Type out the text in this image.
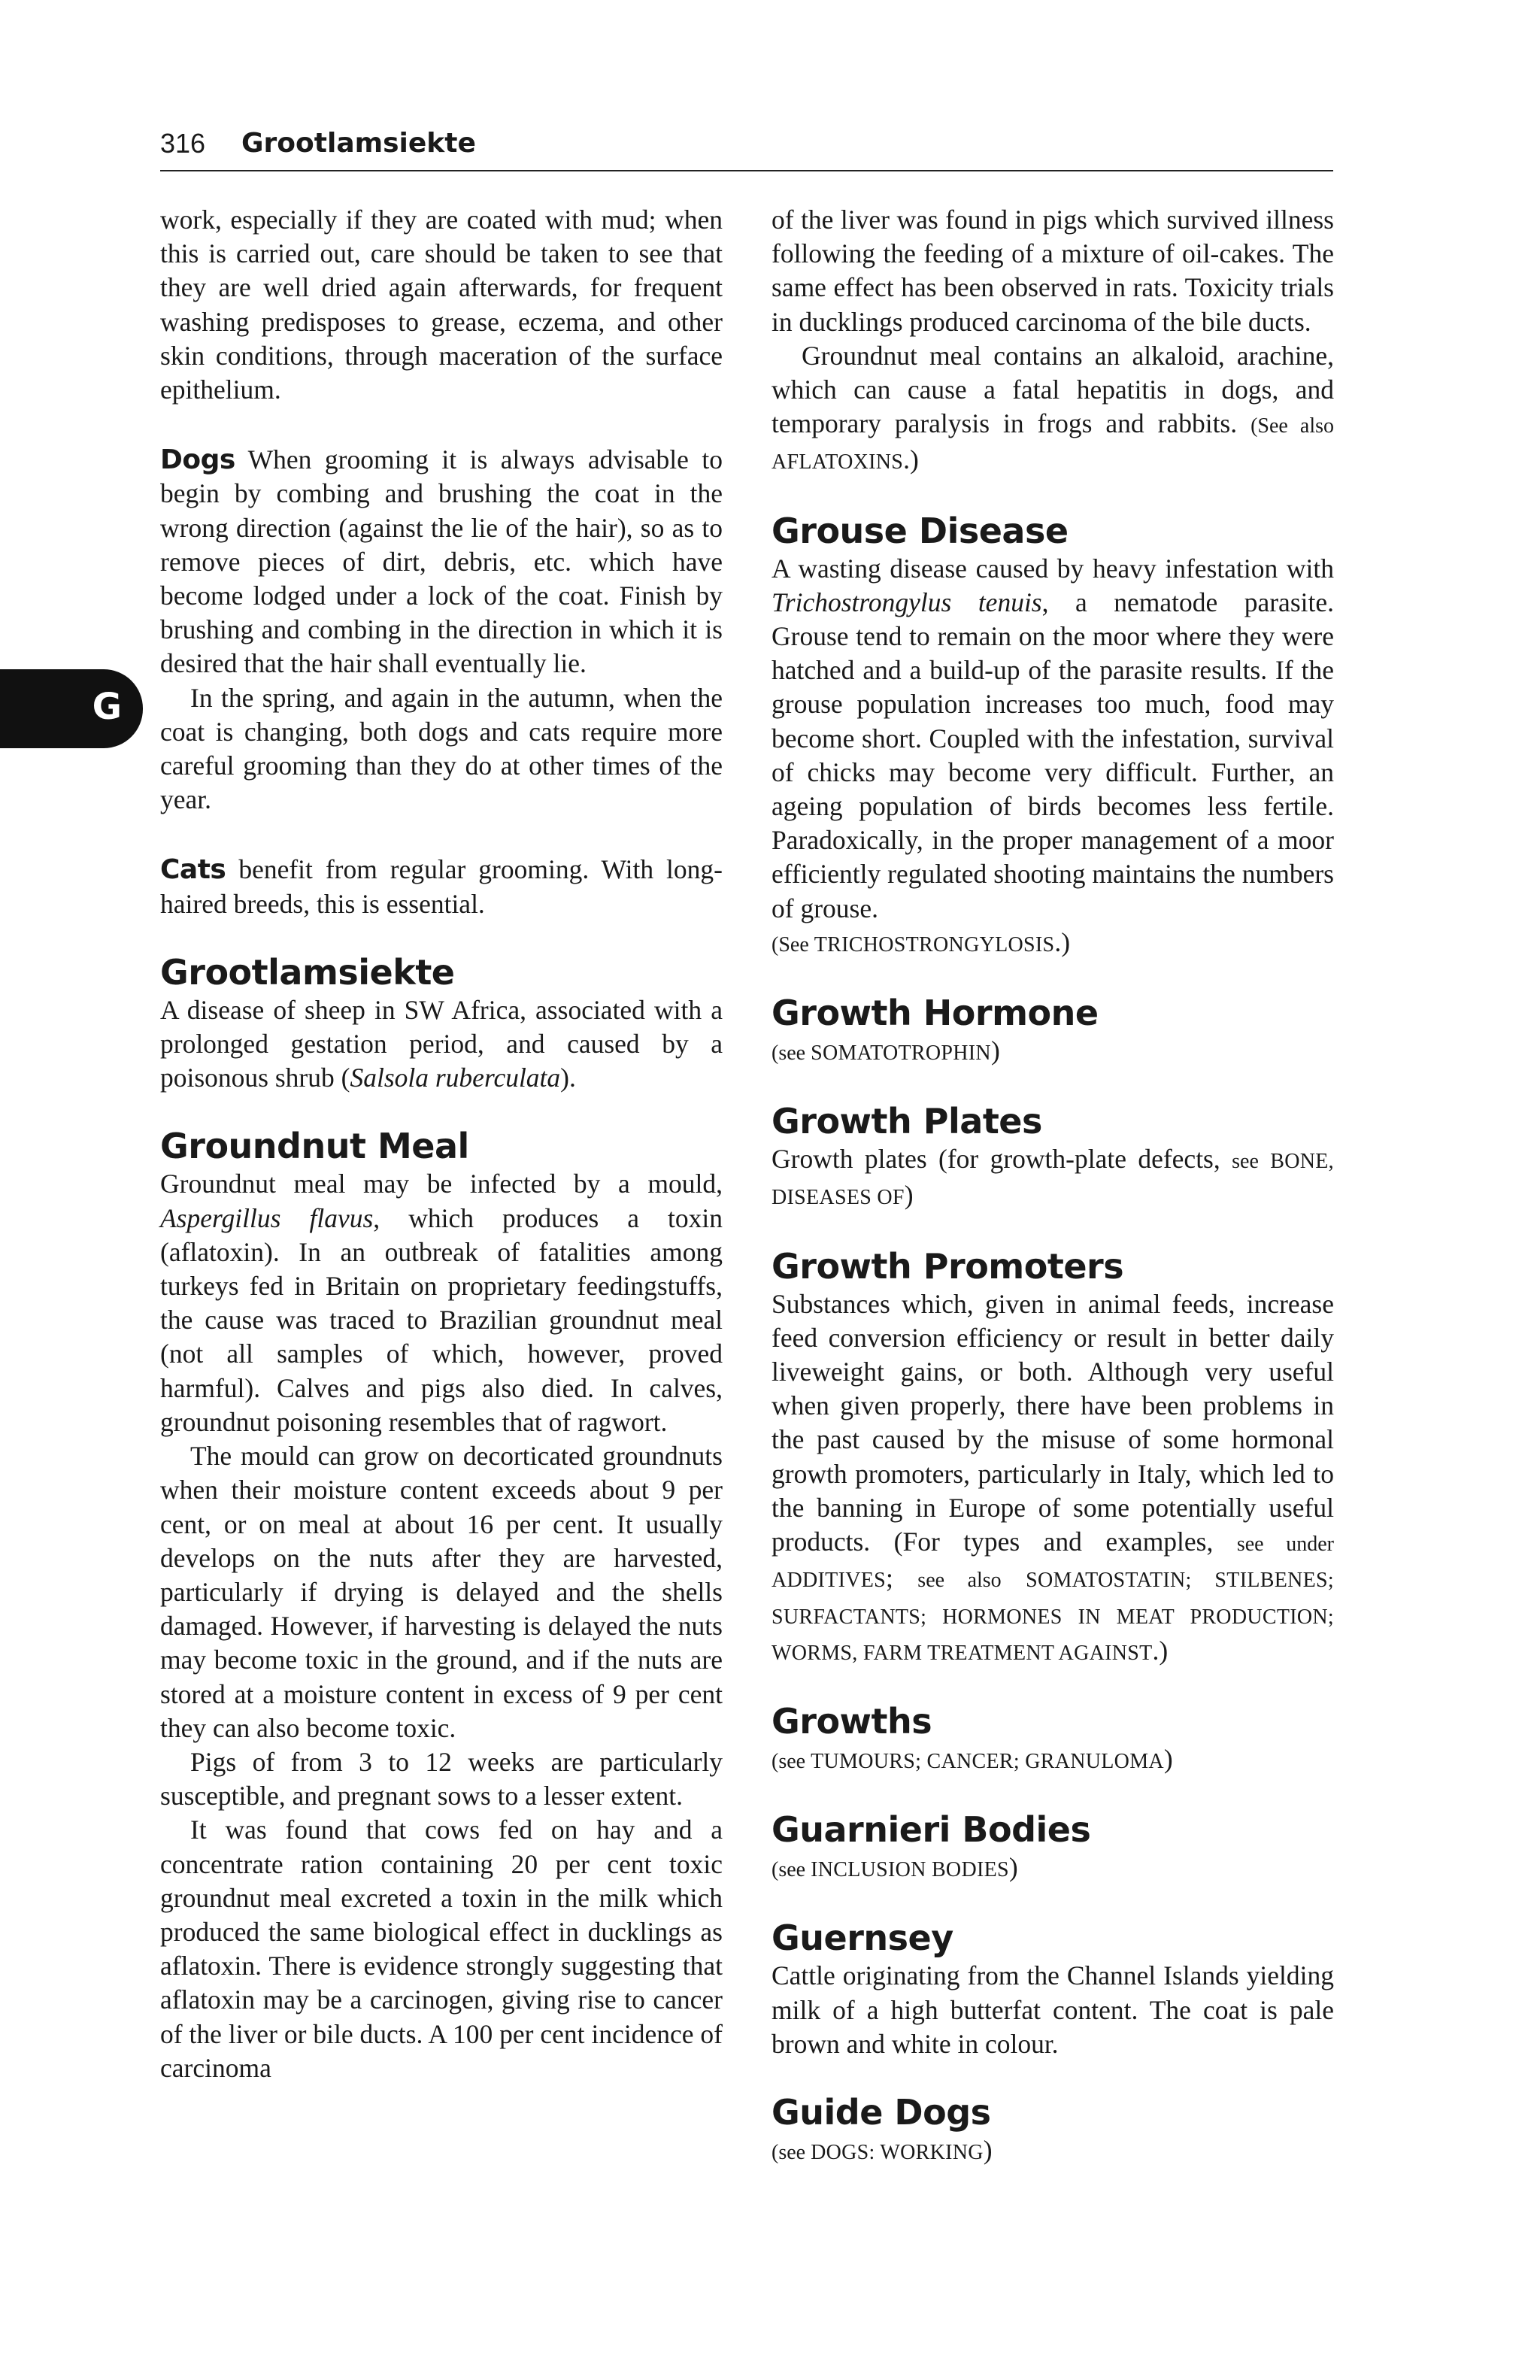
316 Grootlamsiekte
G

work, especially if they are coated with mud; when this is carried out, care should be taken to see that they are well dried again afterwards, for frequent washing predisposes to grease, eczema, and other skin conditions, through maceration of the surface epithelium.

Dogs When grooming it is always advisable to begin by combing and brushing the coat in the wrong direction (against the lie of the hair), so as to remove pieces of dirt, debris, etc. which have become lodged under a lock of the coat. Finish by brushing and combing in the direction in which it is desired that the hair shall eventually lie.

In the spring, and again in the autumn, when the coat is changing, both dogs and cats require more careful grooming than they do at other times of the year.

Cats benefit from regular grooming. With long-haired breeds, this is essential.

Grootlamsiekte

A disease of sheep in SW Africa, associated with a prolonged gestation period, and caused by a poisonous shrub (Salsola ruberculata).

Groundnut Meal

Groundnut meal may be infected by a mould, Aspergillus flavus, which produces a toxin (aflatoxin). In an outbreak of fatalities among turkeys fed in Britain on proprietary feedingstuffs, the cause was traced to Brazilian groundnut meal (not all samples of which, however, proved harmful). Calves and pigs also died. In calves, groundnut poisoning resembles that of ragwort.

The mould can grow on decorticated groundnuts when their moisture content exceeds about 9 per cent, or on meal at about 16 per cent. It usually develops on the nuts after they are harvested, particularly if drying is delayed and the shells damaged. However, if harvesting is delayed the nuts may become toxic in the ground, and if the nuts are stored at a moisture content in excess of 9 per cent they can also become toxic.

Pigs of from 3 to 12 weeks are particularly susceptible, and pregnant sows to a lesser extent.

It was found that cows fed on hay and a concentrate ration containing 20 per cent toxic groundnut meal excreted a toxin in the milk which produced the same biological effect in ducklings as aflatoxin. There is evidence strongly suggesting that aflatoxin may be a carcinogen, giving rise to cancer of the liver or bile ducts. A 100 per cent incidence of carcinoma

of the liver was found in pigs which survived illness following the feeding of a mixture of oil-cakes. The same effect has been observed in rats. Toxicity trials in ducklings produced carcinoma of the bile ducts.

Groundnut meal contains an alkaloid, arachine, which can cause a fatal hepatitis in dogs, and temporary paralysis in frogs and rabbits. (See also AFLATOXINS.)

Grouse Disease

A wasting disease caused by heavy infestation with Trichostrongylus tenuis, a nematode parasite. Grouse tend to remain on the moor where they were hatched and a build-up of the parasite results. If the grouse population increases too much, food may become short. Coupled with the infestation, survival of chicks may become very difficult. Further, an ageing population of birds becomes less fertile. Paradoxically, in the proper management of a moor efficiently regulated shooting maintains the numbers of grouse.

(See TRICHOSTRONGYLOSIS.)

Growth Hormone

(see SOMATOTROPHIN)

Growth Plates

Growth plates (for growth-plate defects, see BONE, DISEASES OF)

Growth Promoters

Substances which, given in animal feeds, increase feed conversion efficiency or result in better daily liveweight gains, or both. Although very useful when given properly, there have been problems in the past caused by the misuse of some hormonal growth promoters, particularly in Italy, which led to the banning in Europe of some potentially useful products. (For types and examples, see under ADDITIVES; see also SOMATOSTATIN; STILBENES; SURFACTANTS; HORMONES IN MEAT PRODUCTION; WORMS, FARM TREATMENT AGAINST.)

Growths

(see TUMOURS; CANCER; GRANULOMA)

Guarnieri Bodies

(see INCLUSION BODIES)

Guernsey

Cattle originating from the Channel Islands yielding milk of a high butterfat content. The coat is pale brown and white in colour.

Guide Dogs

(see DOGS: WORKING)
